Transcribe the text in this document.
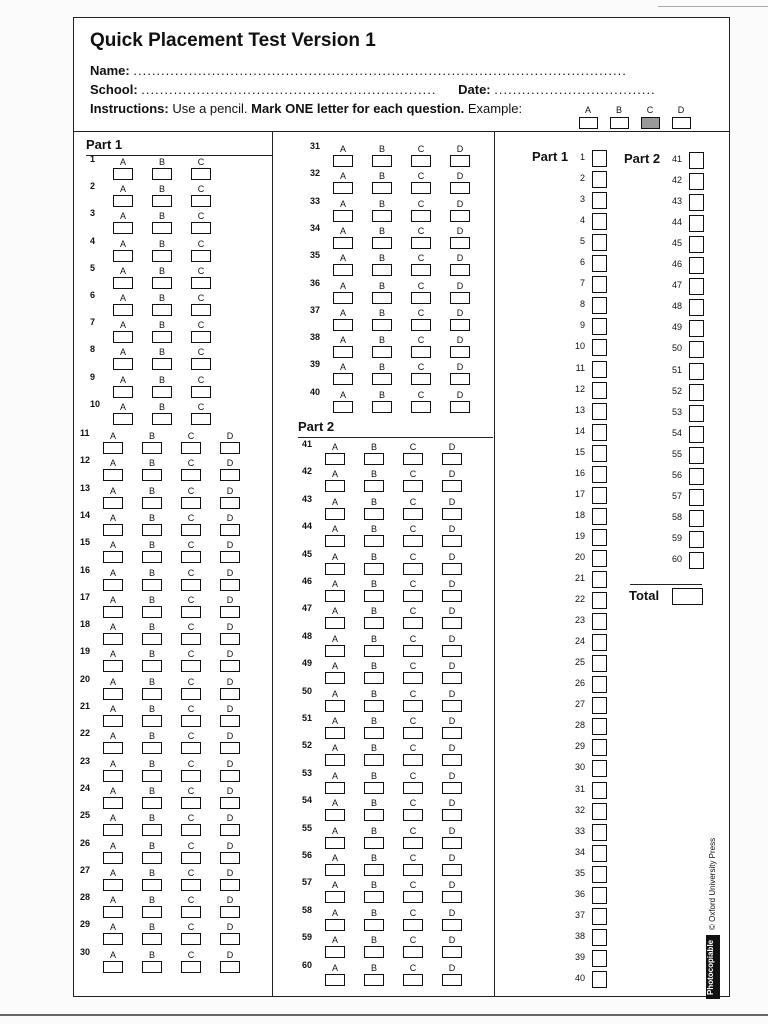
Quick Placement Test Version 1
Name: ...........................................................................................................
School: ................................................................ Date: ...................................
Instructions: Use a pencil. Mark ONE letter for each question. Example:	A	B	C	D
Part 1
Part 2
1	A	B	C
2	A	B	C
3	A	B	C
4	A	B	C
5	A	B	C
6	A	B	C
7	A	B	C
8	A	B	C
9	A	B	C
10	A	B	C
11	A	B	C	D
12	A	B	C	D
13	A	B	C	D
14	A	B	C	D
15	A	B	C	D
16	A	B	C	D
17	A	B	C	D
18	A	B	C	D
19	A	B	C	D
20	A	B	C	D
21	A	B	C	D
22	A	B	C	D
23	A	B	C	D
24	A	B	C	D
25	A	B	C	D
26	A	B	C	D
27	A	B	C	D
28	A	B	C	D
29	A	B	C	D
30	A	B	C	D
31	A	B	C	D
32	A	B	C	D
33	A	B	C	D
34	A	B	C	D
35	A	B	C	D
36	A	B	C	D
37	A	B	C	D
38	A	B	C	D
39	A	B	C	D
40	A	B	C	D
41	A	B	C	D
42	A	B	C	D
43	A	B	C	D
44	A	B	C	D
45	A	B	C	D
46	A	B	C	D
47	A	B	C	D
48	A	B	C	D
49	A	B	C	D
50	A	B	C	D
51	A	B	C	D
52	A	B	C	D
53	A	B	C	D
54	A	B	C	D
55	A	B	C	D
56	A	B	C	D
57	A	B	C	D
58	A	B	C	D
59	A	B	C	D
60	A	B	C	D
Part 1	Part 2
1
2
3
4
5
6
7
8
9
10
11
12
13
14
15
16
17
18
19
20
21
22
23
24
25
26
27
28
29
30
31
32
33
34
35
36
37
38
39
40
41
42
43
44
45
46
47
48
49
50
51
52
53
54
55
56
57
58
59
60
Total
© Oxford University Press
Photocopiable
